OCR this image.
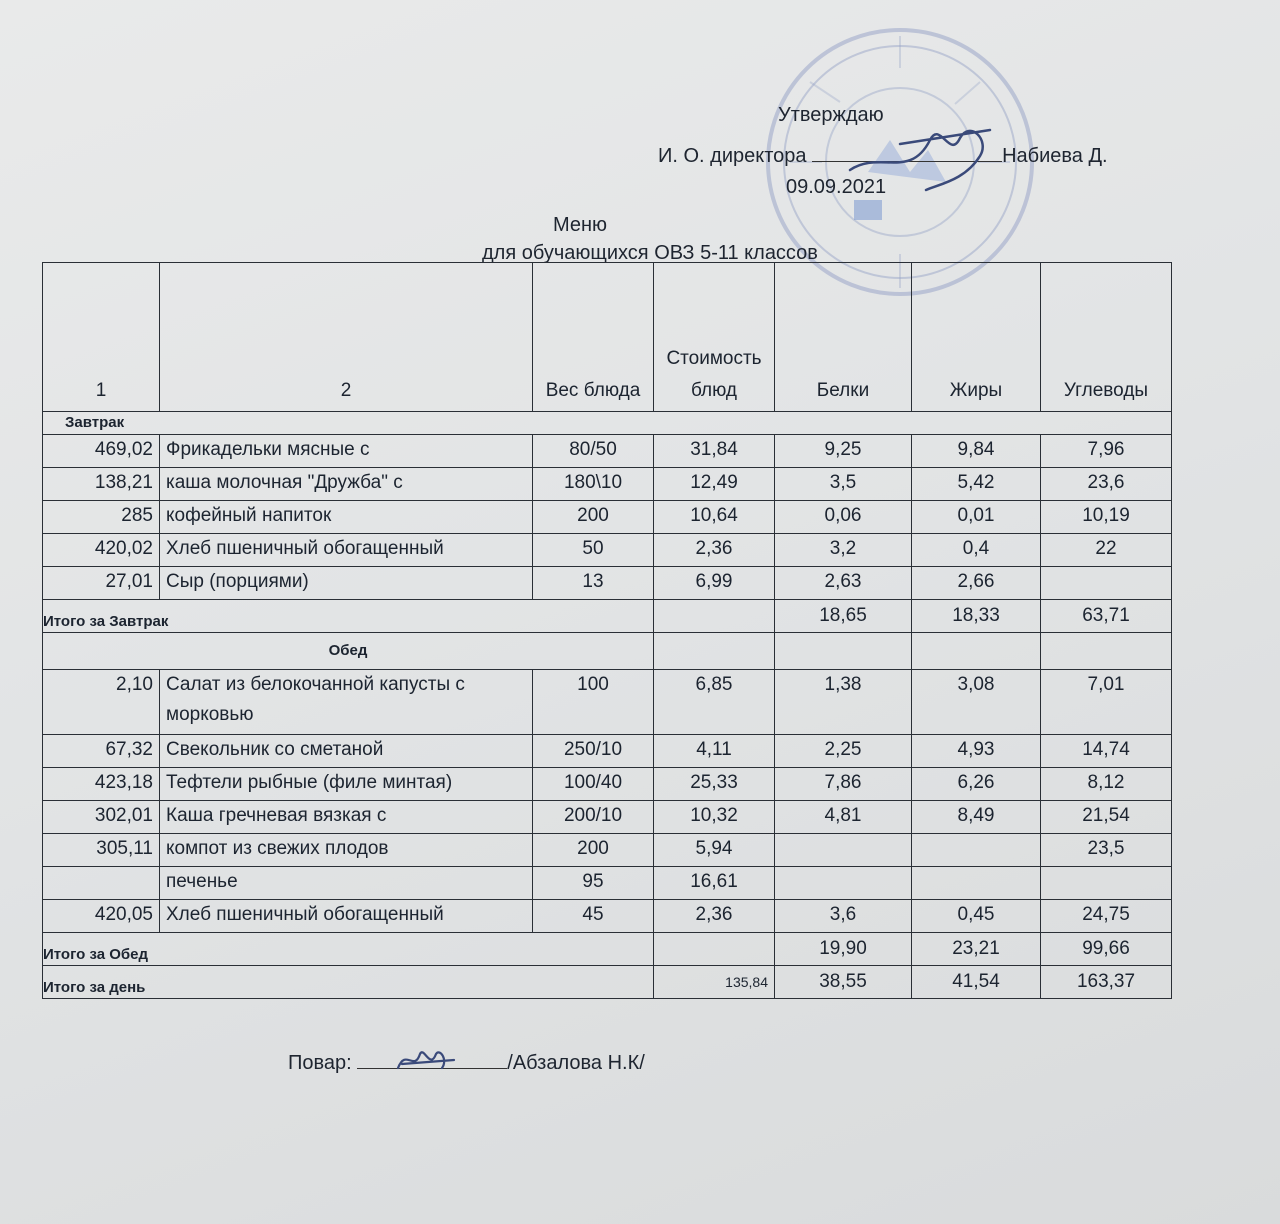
Утверждаю
И. О. директора	Набиева Д.
09.09.2021
Меню
для обучающихся ОВЗ 5-11 классов
1	2	Вес блюда	Стоимость блюд	Белки	Жиры	Углеводы
Завтрак						
469,02	Фрикадельки мясные с	80/50	31,84	9,25	9,84	7,96
138,21	каша молочная "Дружба" с	180\10	12,49	3,5	5,42	23,6
285	кофейный напиток	200	10,64	0,06	0,01	10,19
420,02	Хлеб пшеничный обогащенный	50	2,36	3,2	0,4	22
27,01	Сыр (порциями)	13	6,99	2,63	2,66	
Итого за Завтрак				18,65	18,33	63,71
Обед						
2,10	Салат из белокочанной капусты с морковью	100	6,85	1,38	3,08	7,01
67,32	Свекольник со сметаной	250/10	4,11	2,25	4,93	14,74
423,18	Тефтели рыбные (филе минтая)	100/40	25,33	7,86	6,26	8,12
302,01	Каша гречневая вязкая с	200/10	10,32	4,81	8,49	21,54
305,11	компот из свежих плодов	200	5,94			23,5
	печенье	95	16,61			
420,05	Хлеб пшеничный обогащенный	45	2,36	3,6	0,45	24,75
Итого за Обед				19,90	23,21	99,66
Итого за день			135,84	38,55	41,54	163,37
Повар:	/Абзалова Н.К/
